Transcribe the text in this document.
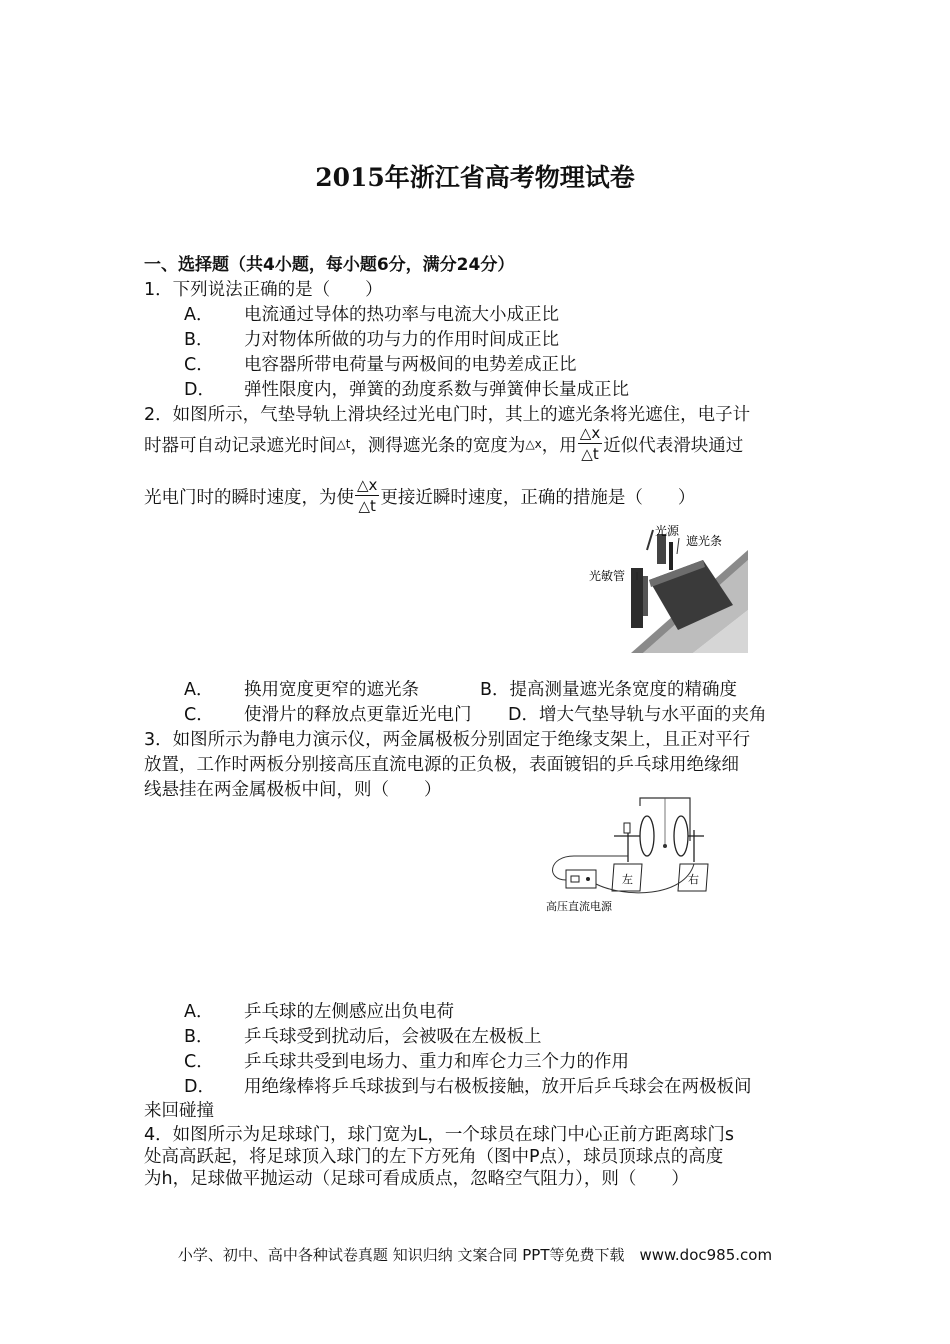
2015年浙江省高考物理试卷
一、选择题（共4小题，每小题6分，满分24分）
1．下列说法正确的是（　　）
A． 电流通过导体的热功率与电流大小成正比
B． 力对物体所做的功与力的作用时间成正比
C． 电容器所带电荷量与两极间的电势差成正比
D． 弹性限度内，弹簧的劲度系数与弹簧伸长量成正比
2．如图所示，气垫导轨上滑块经过光电门时，其上的遮光条将光遮住，电子计
时器可自动记录遮光时间 △t ，测得遮光条的宽度为 △x ，用 $\frac{\triangle x}{\triangle t}$ 近似代表滑块通过
光电门时的瞬时速度，为使 $\frac{\triangle x}{\triangle t}$ 更接近瞬时速度，正确的措施是（　　）
光源
遮光条
光敏管
A． 换用宽度更窄的遮光条	B．提高测量遮光条宽度的精确度
C． 使滑片的释放点更靠近光电门 D．增大气垫导轨与水平面的夹角
3．如图所示为静电力演示仪，两金属极板分别固定于绝缘支架上，且正对平行
放置，工作时两板分别接高压直流电源的正负极，表面镀铝的乒乓球用绝缘细
线悬挂在两金属极板中间，则（　　）
左	右
高压直流电源
A． 乒乓球的左侧感应出负电荷
B． 乒乓球受到扰动后，会被吸在左极板上
C． 乒乓球共受到电场力、重力和库仑力三个力的作用
D． 用绝缘棒将乒乓球拔到与右极板接触，放开后乒乓球会在两极板间
来回碰撞
4．如图所示为足球球门，球门宽为L，一个球员在球门中心正前方距离球门s
处高高跃起，将足球顶入球门的左下方死角（图中P点），球员顶球点的高度
为h，足球做平抛运动（足球可看成质点，忽略空气阻力），则（　　）
小学、初中、高中各种试卷真题 知识归纳 文案合同 PPT等免费下载　www.doc985.com
